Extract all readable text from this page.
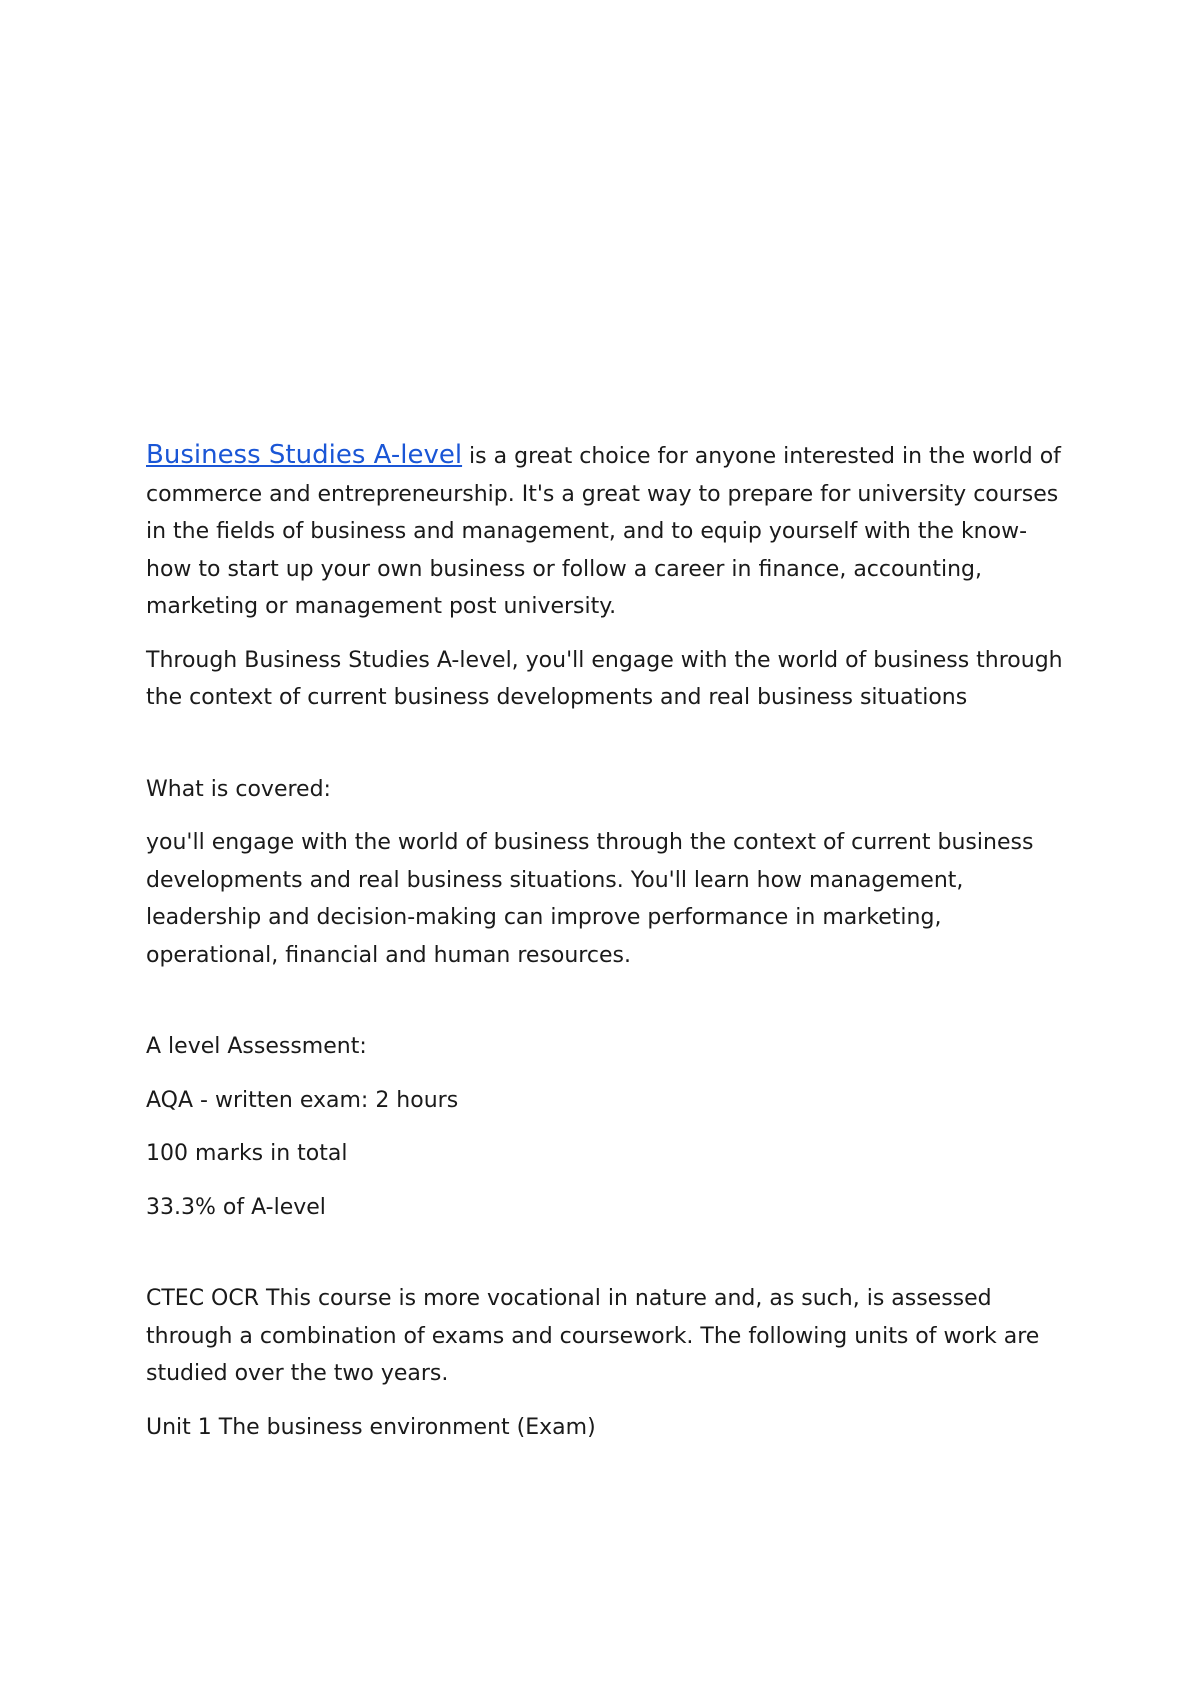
Business Studies A-level is a great choice for anyone interested in the world of commerce and entrepreneurship. It's a great way to prepare for university courses in the fields of business and management, and to equip yourself with the know-how to start up your own business or follow a career in finance, accounting, marketing or management post university.

Through Business Studies A-level, you'll engage with the world of business through the context of current business developments and real business situations

What is covered:

you'll engage with the world of business through the context of current business developments and real business situations. You'll learn how management, leadership and decision-making can improve performance in marketing, operational, financial and human resources.

A level Assessment:

AQA - written exam: 2 hours

100 marks in total

33.3% of A-level

CTEC OCR This course is more vocational in nature and, as such, is assessed through a combination of exams and coursework. The following units of work are studied over the two years.

Unit 1 The business environment (Exam)
